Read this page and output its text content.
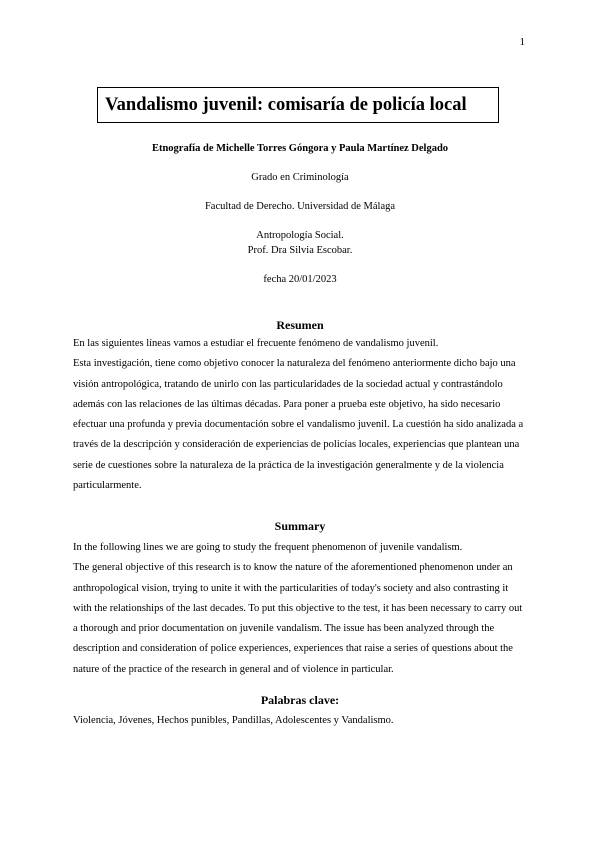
1
Vandalismo juvenil: comisaría de policía local
Etnografía de Michelle Torres Góngora y Paula Martínez Delgado
Grado en Criminología
Facultad de Derecho. Universidad de Málaga
Antropología Social.
Prof. Dra Silvia Escobar.
fecha 20/01/2023
Resumen

En las siguientes líneas vamos a estudiar el frecuente fenómeno de vandalismo juvenil.

Esta investigación, tiene como objetivo conocer la naturaleza del fenómeno anteriormente dicho bajo una visión antropológica, tratando de unirlo con las particularidades de la sociedad actual y contrastándolo además con las relaciones de las últimas décadas. Para poner a prueba este objetivo, ha sido necesario efectuar una profunda y previa documentación sobre el vandalismo juvenil. La cuestión ha sido analizada a través de la descripción y consideración de experiencias de policías locales, experiencias que plantean una serie de cuestiones sobre la naturaleza de la práctica de la investigación generalmente y de la violencia particularmente.

Summary

In the following lines we are going to study the frequent phenomenon of juvenile vandalism.

The general objective of this research is to know the nature of the aforementioned phenomenon under an anthropological vision, trying to unite it with the particularities of today's society and also contrasting it with the relationships of the last decades. To put this objective to the test, it has been necessary to carry out a thorough and prior documentation on juvenile vandalism. The issue has been analyzed through the description and consideration of police experiences, experiences that raise a series of questions about the nature of the practice of the research in general and of violence in particular.

Palabras clave:
Violencia, Jóvenes, Hechos punibles, Pandillas, Adolescentes y Vandalismo.
